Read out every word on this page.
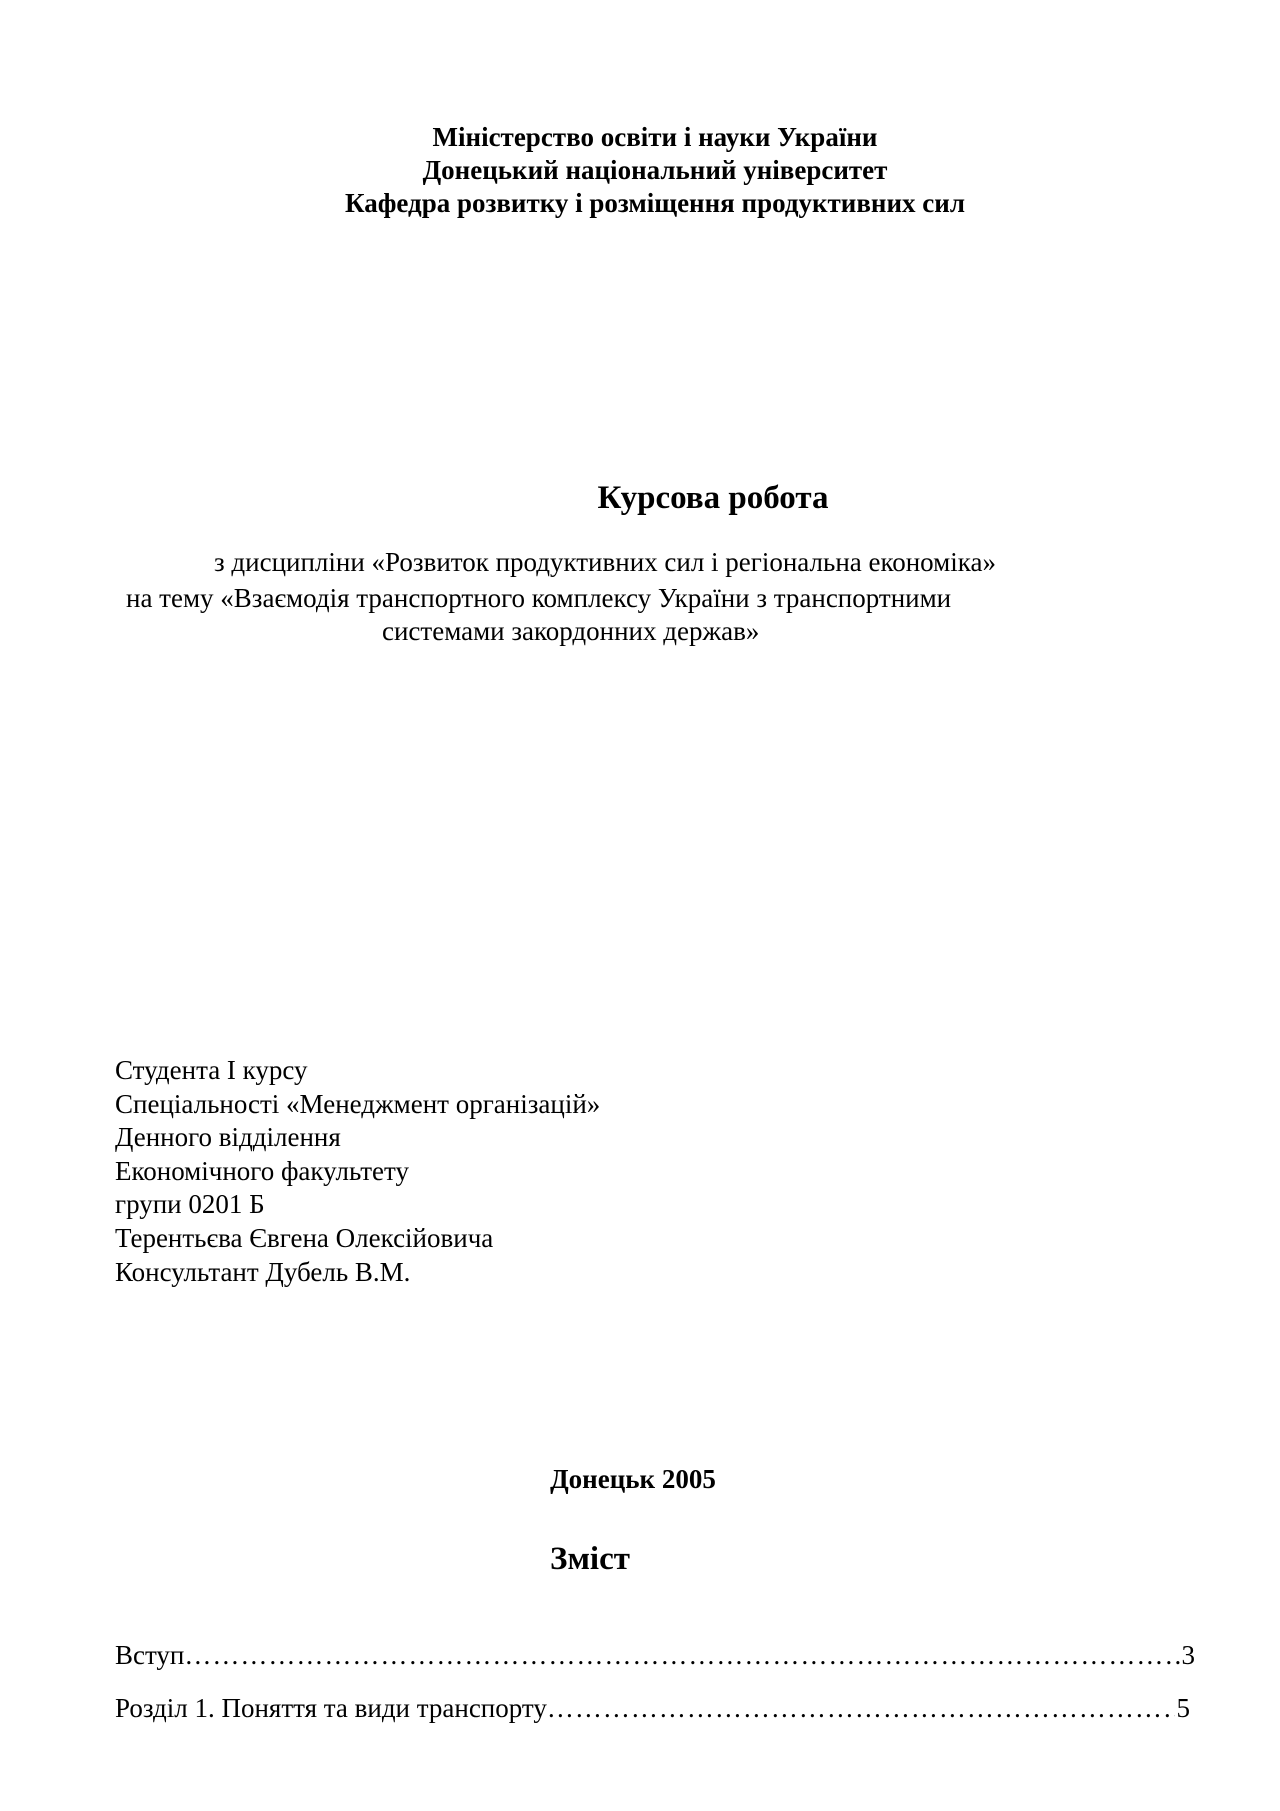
Міністерство освіти і науки України
Донецький національний університет
Кафедра розвитку і розміщення продуктивних сил
Курсова робота
з дисципліни «Розвиток продуктивних сил і регіональна економіка»
на тему «Взаємодія транспортного комплексу України з транспортними
системами закордонних держав»
Студента І курсу
Спеціальності «Менеджмент організацій»
Денного відділення
Економічного факультету
групи 0201 Б
Терентьєва Євгена Олексійовича
Консультант Дубель В.М.
Донецьк 2005
Зміст
Вступ ……………………………………………………………………………………………………………………………………………………………………	3
Розділ 1. Поняття та види транспорту ……………………………………………………………………………………………………………………………………………………………………	5
